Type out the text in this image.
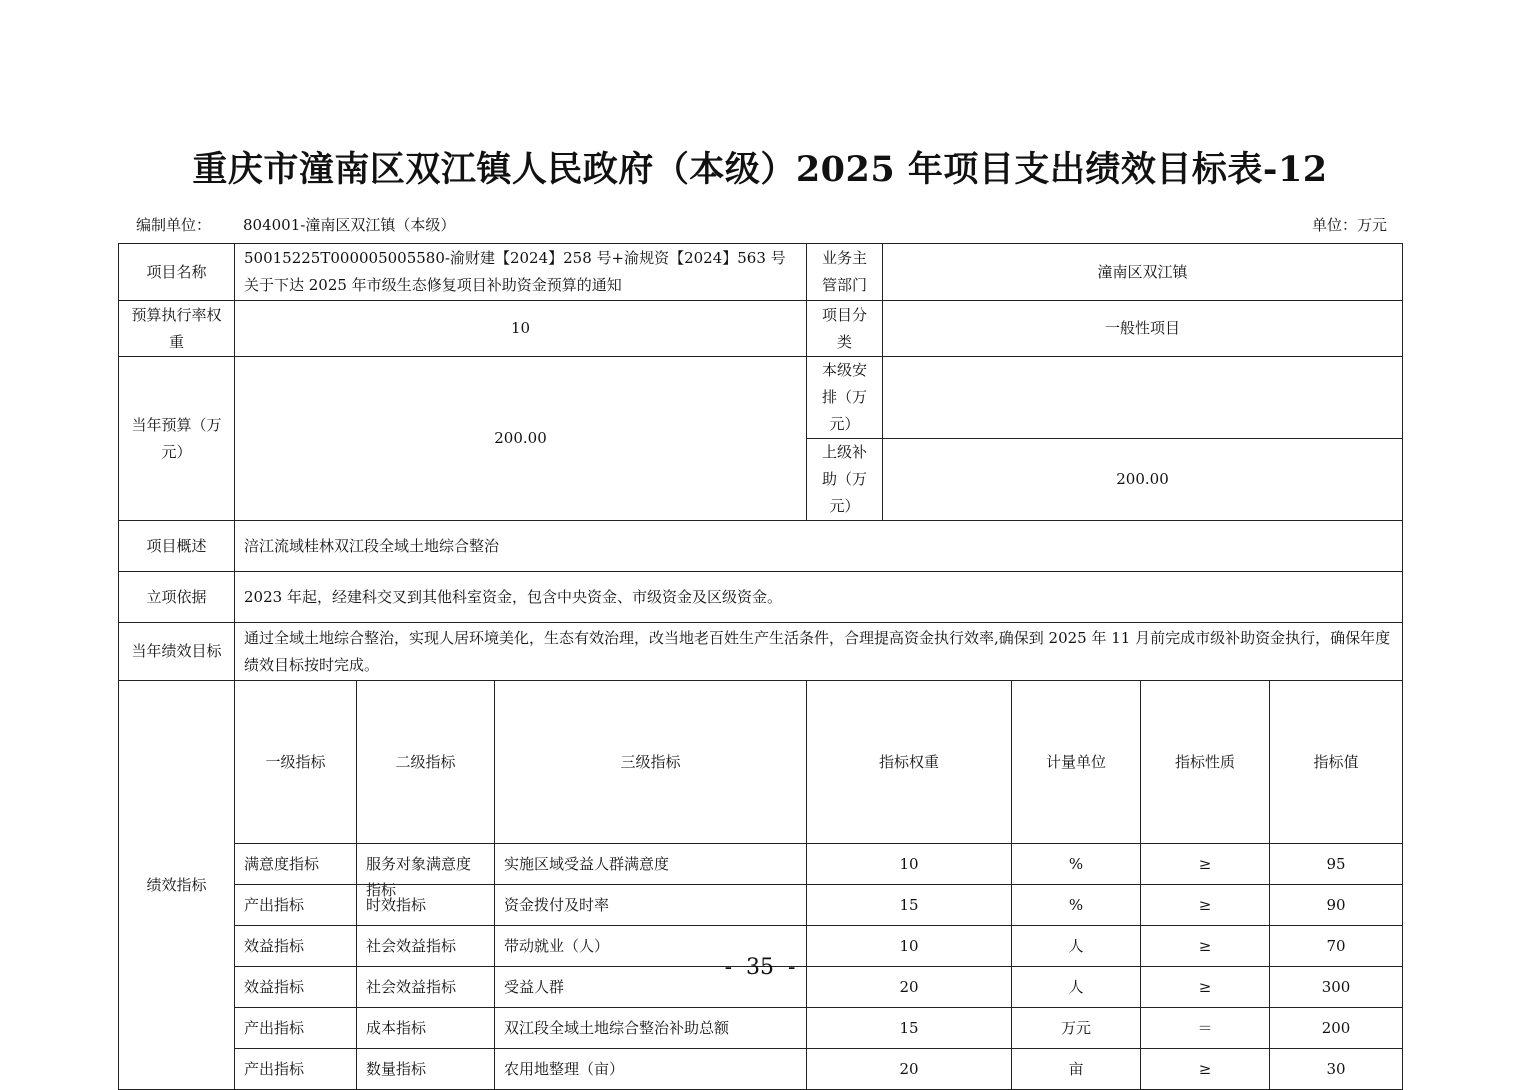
重庆市潼南区双江镇人民政府（本级）2025 年项目支出绩效目标表-12
编制单位： 804001-潼南区双江镇（本级）	单位：万元
项目名称	50015225T000005005580-渝财建【2024】258 号+渝规资【2024】563 号关于下达 2025 年市级生态修复项目补助资金预算的通知			业务主管部门	潼南区双江镇				
预算执行率权重	10			项目分类	一般性项目				
当年预算（万元）	200.00			本级安排（万元）					
				上级补助（万元）	200.00				
项目概述	涪江流域桂林双江段全域土地综合整治								
立项依据	2023 年起，经建科交叉到其他科室资金，包含中央资金、市级资金及区级资金。								
当年绩效目标	通过全域土地综合整治，实现人居环境美化，生态有效治理，改当地老百姓生产生活条件，合理提高资金执行效率,确保到 2025 年 11 月前完成市级补助资金执行，确保年度绩效目标按时完成。								
绩效指标	一级指标	二级指标	三级指标	指标权重		计量单位	指标性质	指标值	
	满意度指标	服务对象满意度指标	实施区域受益人群满意度	10		%	≥	95	
	产出指标	时效指标	资金拨付及时率	15		%	≥	90	
	效益指标	社会效益指标	带动就业（人）	10		人	≥	70	
	效益指标	社会效益指标	受益人群	20		人	≥	300	
	产出指标	成本指标	双江段全域土地综合整治补助总额	15		万元	＝	200	
	产出指标	数量指标	农用地整理（亩）	20		亩	≥	30	
-  35  -
